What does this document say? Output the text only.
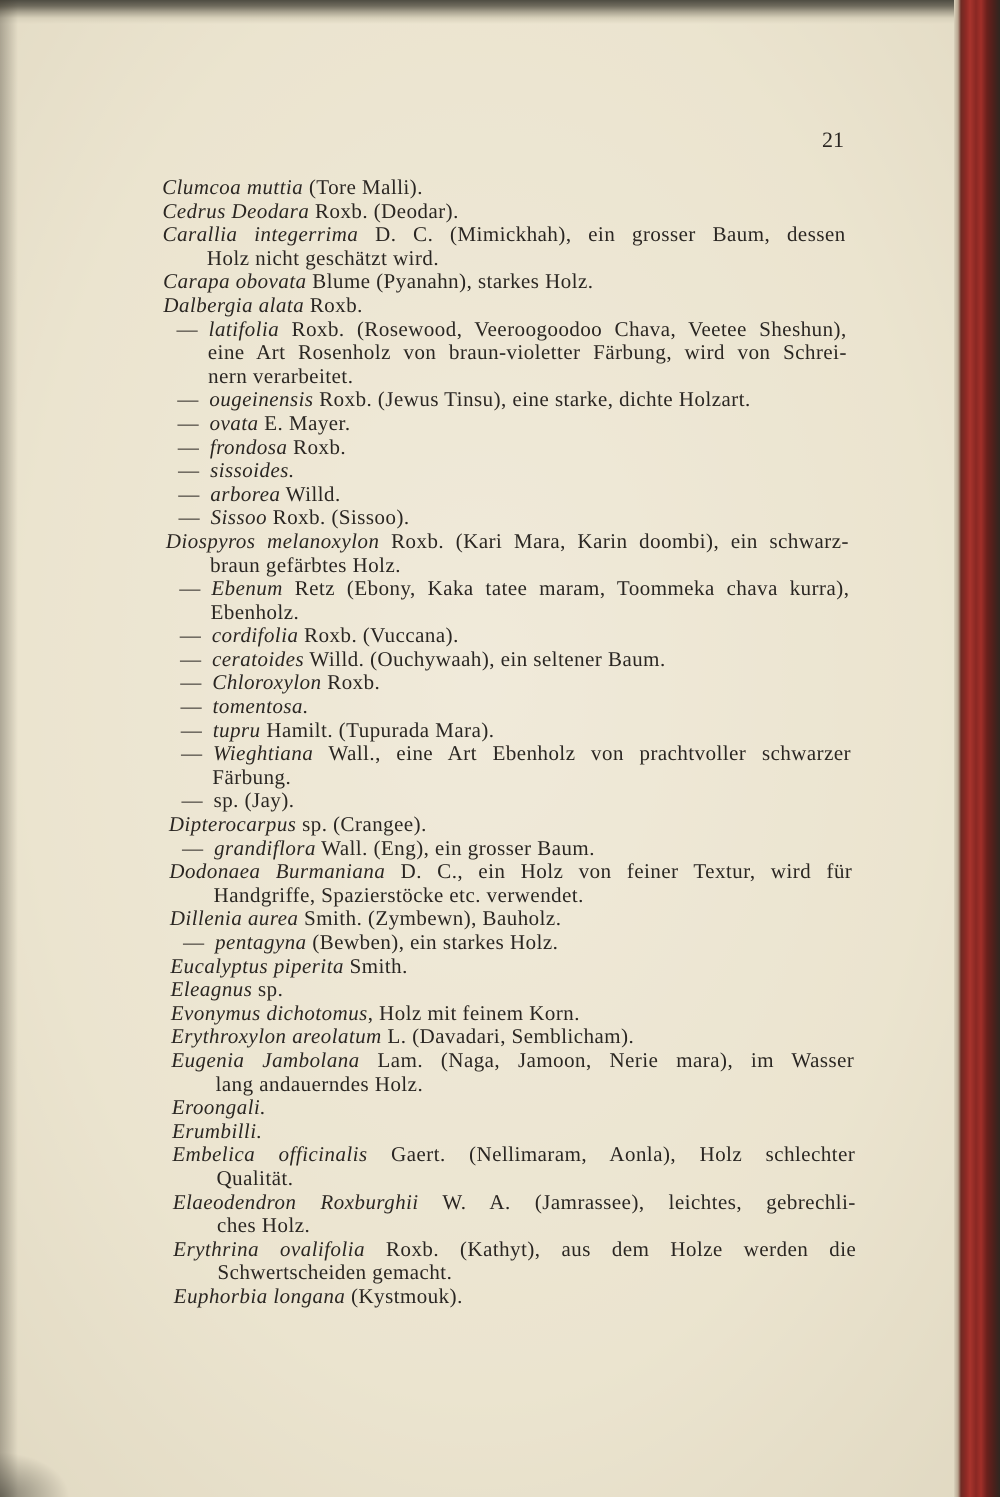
21
Clumcoa muttia (Tore Malli).
Cedrus Deodara Roxb. (Deodar).
Carallia integerrima D. C. (Mimickhah), ein grosser Baum, dessen
Holz nicht geschätzt wird.
Carapa obovata Blume (Pyanahn), starkes Holz.
Dalbergia alata Roxb.
— latifolia Roxb. (Rosewood, Veeroogoodoo Chava, Veetee Sheshun),
eine Art Rosenholz von braun-violetter Färbung, wird von Schrei-
nern verarbeitet.
— ougeinensis Roxb. (Jewus Tinsu), eine starke, dichte Holzart.
— ovata E. Mayer.
— frondosa Roxb.
— sissoides.
— arborea Willd.
— Sissoo Roxb. (Sissoo).
Diospyros melanoxylon Roxb. (Kari Mara, Karin doombi), ein schwarz-
braun gefärbtes Holz.
— Ebenum Retz (Ebony, Kaka tatee maram, Toommeka chava kurra),
Ebenholz.
— cordifolia Roxb. (Vuccana).
— ceratoides Willd. (Ouchywaah), ein seltener Baum.
— Chloroxylon Roxb.
— tomentosa.
— tupru Hamilt. (Tupurada Mara).
— Wieghtiana Wall., eine Art Ebenholz von prachtvoller schwarzer
Färbung.
— sp. (Jay).
Dipterocarpus sp. (Crangee).
— grandiflora Wall. (Eng), ein grosser Baum.
Dodonaea Burmaniana D. C., ein Holz von feiner Textur, wird für
Handgriffe, Spazierstöcke etc. verwendet.
Dillenia aurea Smith. (Zymbewn), Bauholz.
— pentagyna (Bewben), ein starkes Holz.
Eucalyptus piperita Smith.
Eleagnus sp.
Evonymus dichotomus, Holz mit feinem Korn.
Erythroxylon areolatum L. (Davadari, Semblicham).
Eugenia Jambolana Lam. (Naga, Jamoon, Nerie mara), im Wasser
lang andauerndes Holz.
Eroongali.
Erumbilli.
Embelica officinalis Gaert. (Nellimaram, Aonla), Holz schlechter
Qualität.
Elaeodendron Roxburghii W. A. (Jamrassee), leichtes, gebrechli-
ches Holz.
Erythrina ovalifolia Roxb. (Kathyt), aus dem Holze werden die
Schwertscheiden gemacht.
Euphorbia longana (Kystmouk).
